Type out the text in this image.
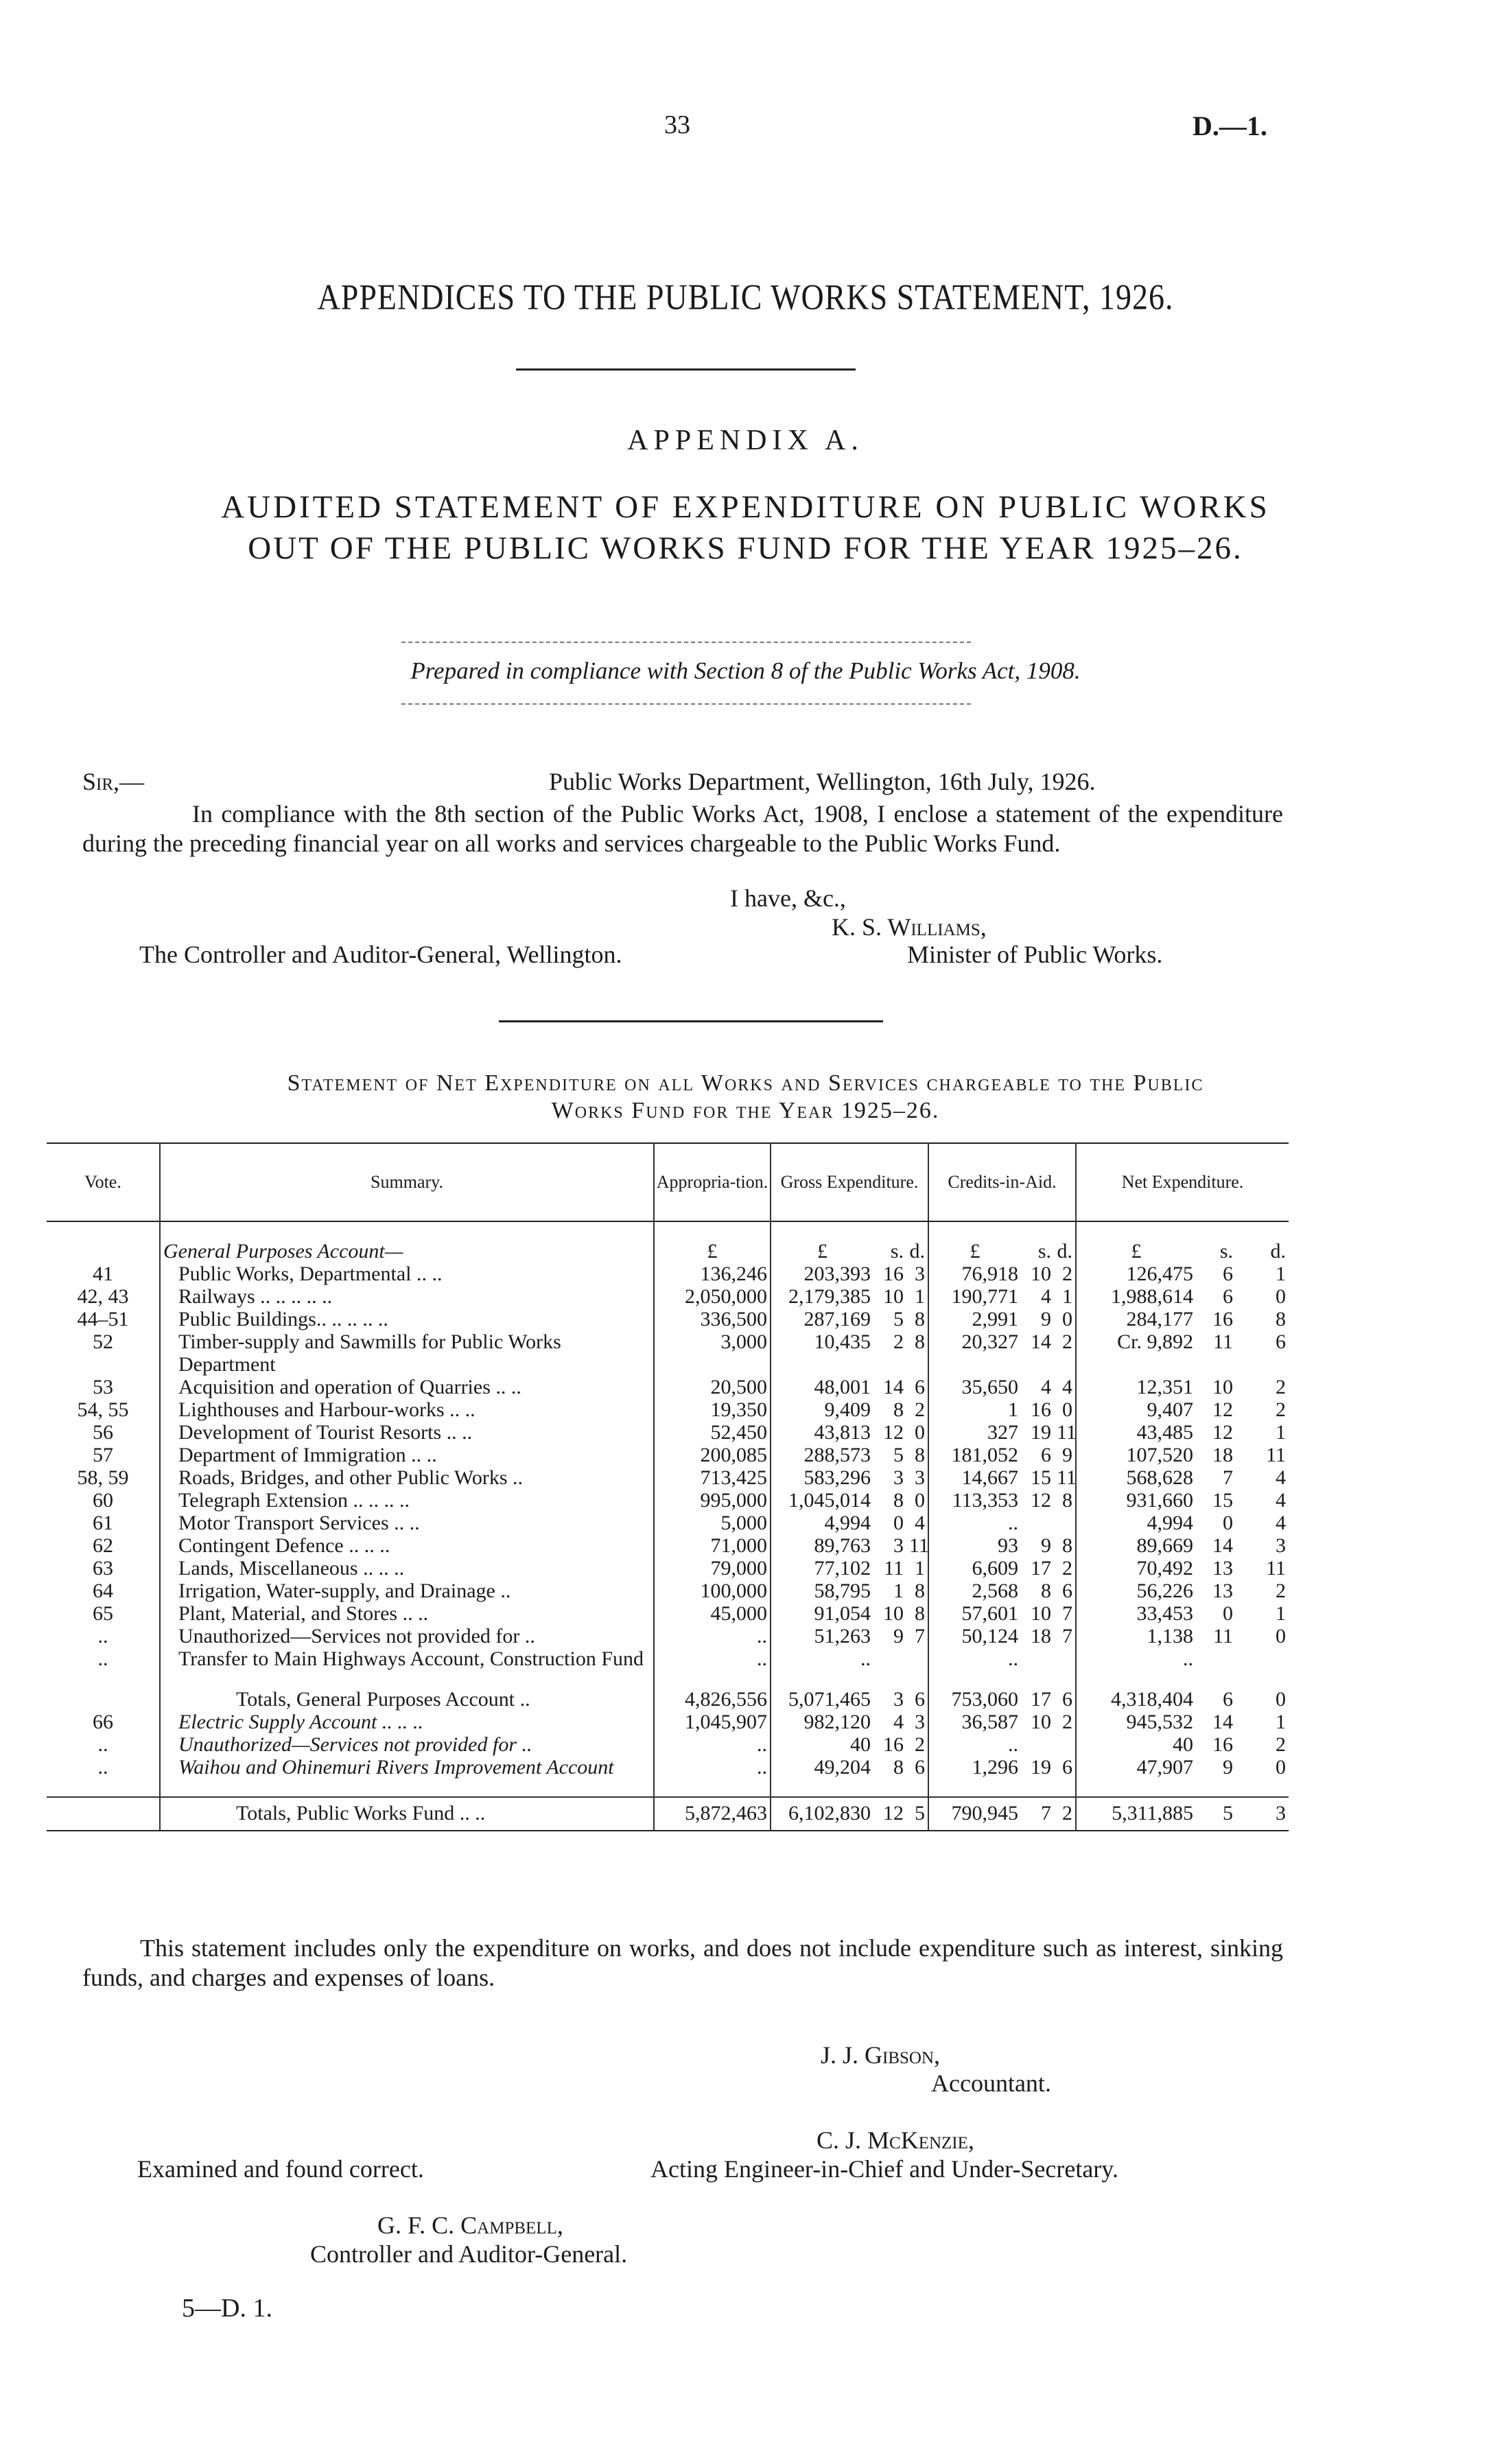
33	D.—1.
APPENDICES TO THE PUBLIC WORKS STATEMENT, 1926.
APPENDIX A.
AUDITED STATEMENT OF EXPENDITURE ON PUBLIC WORKS
OUT OF THE PUBLIC WORKS FUND FOR THE YEAR 1925–26.
Prepared in compliance with Section 8 of the Public Works Act, 1908.
Sir,—	Public Works Department, Wellington, 16th July, 1926.

In compliance with the 8th section of the Public Works Act, 1908, I enclose a statement of the expenditure during the preceding financial year on all works and services chargeable to the Public Works Fund.

I have, &c.,
K. S. Williams,
The Controller and Auditor-General, Wellington.	Minister of Public Works.
Statement of Net Expenditure on all Works and Services chargeable to the Public
Works Fund for the Year 1925–26.
Vote.	Summary.	Appropria-tion.	Gross Expenditure.			Credits-in-Aid.			Net Expenditure.		

	General Purposes Account—	£	£	s.	d.	£	s.	d.	£	s.	d.
41	Public Works, Departmental .. ..	136,246	203,393	16	3	76,918	10	2	126,475	6	1
42, 43	Railways .. .. .. .. ..	2,050,000	2,179,385	10	1	190,771	4	1	1,988,614	6	0
44–51	Public Buildings.. .. .. .. ..	336,500	287,169	5	8	2,991	9	0	284,177	16	8
52	Timber-supply and Sawmills for Public Works Department	3,000	10,435	2	8	20,327	14	2	Cr. 9,892	11	6
53	Acquisition and operation of Quarries .. ..	20,500	48,001	14	6	35,650	4	4	12,351	10	2
54, 55	Lighthouses and Harbour-works .. ..	19,350	9,409	8	2	1	16	0	9,407	12	2
56	Development of Tourist Resorts .. ..	52,450	43,813	12	0	327	19	11	43,485	12	1
57	Department of Immigration .. ..	200,085	288,573	5	8	181,052	6	9	107,520	18	11
58, 59	Roads, Bridges, and other Public Works ..	713,425	583,296	3	3	14,667	15	11	568,628	7	4
60	Telegraph Extension .. .. .. ..	995,000	1,045,014	8	0	113,353	12	8	931,660	15	4
61	Motor Transport Services .. ..	5,000	4,994	0	4	..			4,994	0	4
62	Contingent Defence .. .. ..	71,000	89,763	3	11	93	9	8	89,669	14	3
63	Lands, Miscellaneous .. .. ..	79,000	77,102	11	1	6,609	17	2	70,492	13	11
64	Irrigation, Water-supply, and Drainage ..	100,000	58,795	1	8	2,568	8	6	56,226	13	2
65	Plant, Material, and Stores .. ..	45,000	91,054	10	8	57,601	10	7	33,453	0	1
..	Unauthorized—Services not provided for ..	..	51,263	9	7	50,124	18	7	1,138	11	0
..	Transfer to Main Highways Account, Construction Fund	..	..			..			..		

	Totals, General Purposes Account ..	4,826,556	5,071,465	3	6	753,060	17	6	4,318,404	6	0
66	Electric Supply Account .. .. ..	1,045,907	982,120	4	3	36,587	10	2	945,532	14	1
..	Unauthorized—Services not provided for ..	..	40	16	2	..			40	16	2
..	Waihou and Ohinemuri Rivers Improvement Account	..	49,204	8	6	1,296	19	6	47,907	9	0

	Totals, Public Works Fund .. ..	5,872,463	6,102,830	12	5	790,945	7	2	5,311,885	5	3

This statement includes only the expenditure on works, and does not include expenditure such as interest, sinking funds, and charges and expenses of loans.

J. J. Gibson,
Accountant.
C. J. McKenzie,
Examined and found correct.	Acting Engineer-in-Chief and Under-Secretary.
G. F. C. Campbell,
Controller and Auditor-General.
5—D. 1.
